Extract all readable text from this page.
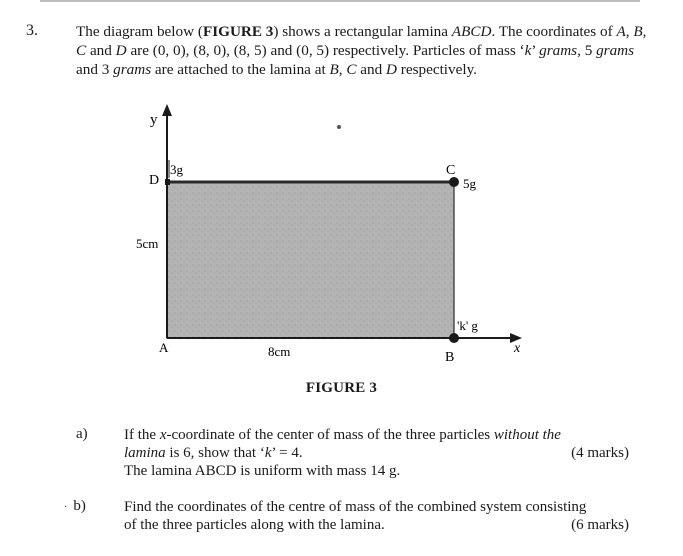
3.	The diagram below (FIGURE 3) shows a rectangular lamina ABCD. The coordinates of A, B, C and D are (0, 0), (8, 0), (8, 5) and (0, 5) respectively. Particles of mass ‘k’ grams, 5 grams and 3 grams are attached to the lamina at B, C and D respectively.

y
x
D
3g	C
5g
5cm
'k' g
A	8cm	B
FIGURE 3
a) If the x-coordinate of the center of mass of the three particles without the
lamina is 6, show that ‘k’ = 4.	(4 marks)
The lamina ABCD is uniform with mass 14 g.
· b)	Find the coordinates of the centre of mass of the combined system consisting
of the three particles along with the lamina.	(6 marks)
